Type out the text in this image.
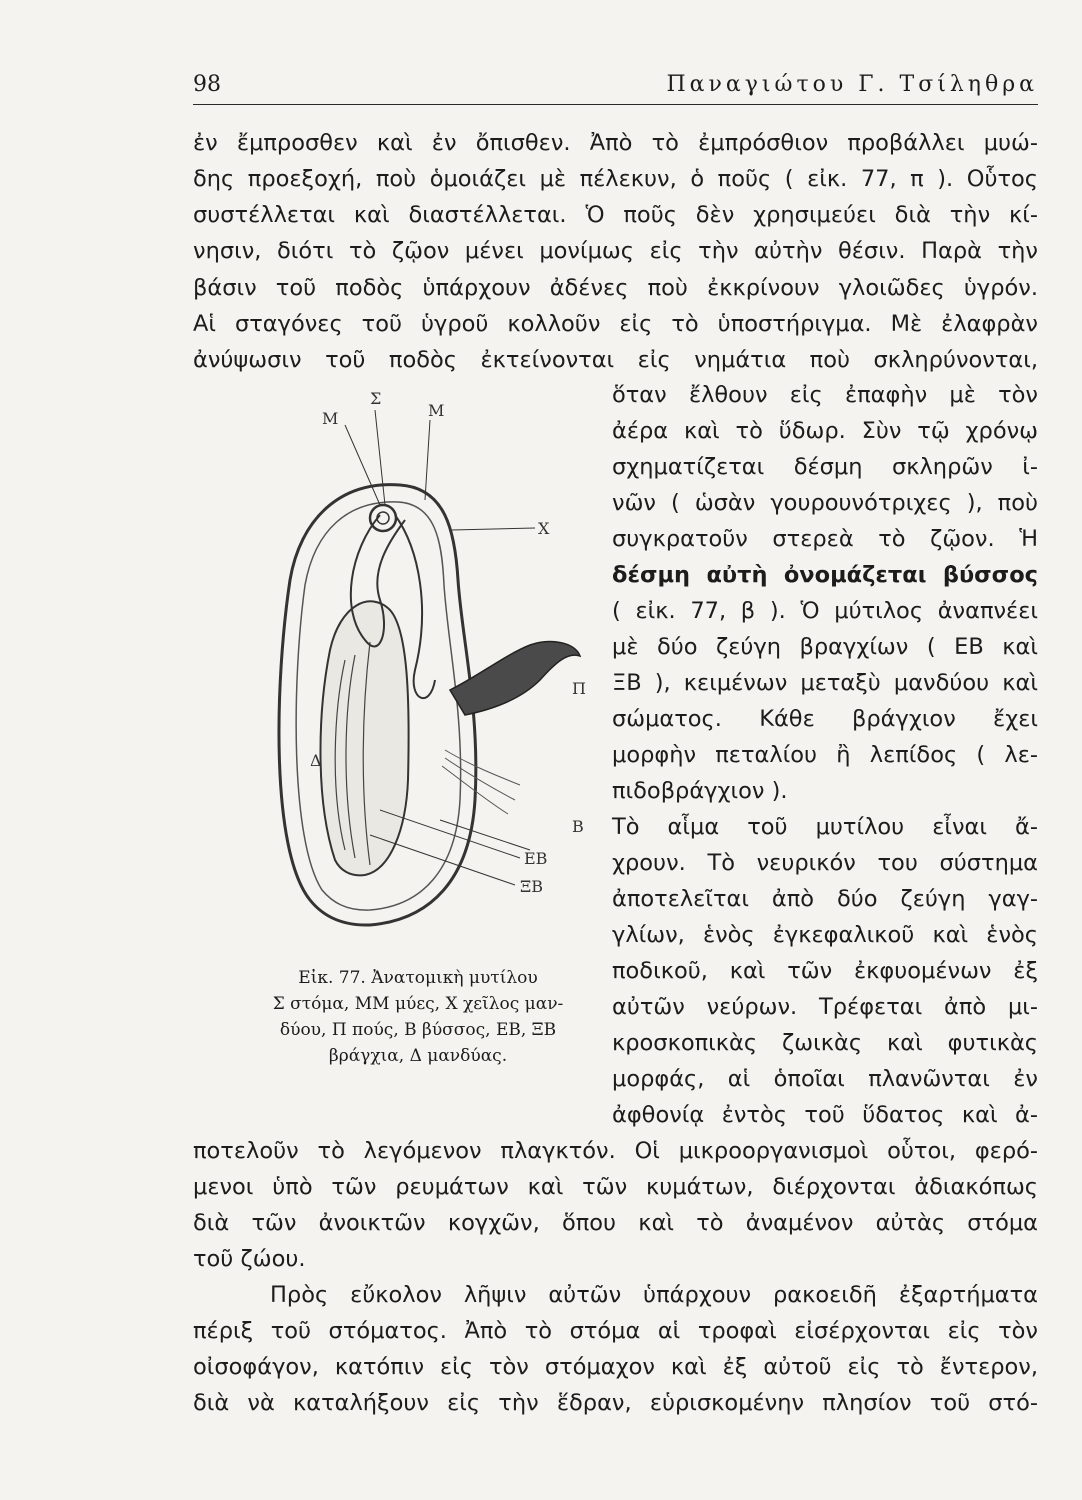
98	Παναγιώτου Γ. Τσίληθρα
ἐν ἔμπροσθεν καὶ ἐν ὄπισθεν. Ἀπὸ τὸ ἐμπρόσθιον προβάλλει μυώ-
δης προεξοχή, ποὺ ὁμοιάζει μὲ πέλεκυν, ὁ ποῦς ( εἰκ. 77, π ). Οὗτος
συστέλλεται καὶ διαστέλλεται. Ὁ ποῦς δὲν χρησιμεύει διὰ τὴν κί-
νησιν, διότι τὸ ζῷον μένει μονίμως εἰς τὴν αὐτὴν θέσιν. Παρὰ τὴν
βάσιν τοῦ ποδὸς ὑπάρχουν ἀδένες ποὺ ἐκκρίνουν γλοιῶδες ὑγρόν.
Αἱ σταγόνες τοῦ ὑγροῦ κολλοῦν εἰς τὸ ὑποστήριγμα. Μὲ ἐλαφρὰν
ἀνύψωσιν τοῦ ποδὸς ἐκτείνονται εἰς νημάτια ποὺ σκληρύνονται,
ὅταν ἔλθουν εἰς ἐπαφὴν μὲ τὸν
ἀέρα καὶ τὸ ὕδωρ. Σὺν τῷ χρόνῳ
σχηματίζεται δέσμη σκληρῶν ἰ-
νῶν ( ὡσὰν γουρουνότριχες ), ποὺ
συγκρατοῦν στερεὰ τὸ ζῷον. Ἡ
δέσμη αὐτὴ ὀνομάζεται βύσσος
( εἰκ. 77, β ). Ὁ μύτιλος ἀναπνέει
μὲ δύο ζεύγη βραγχίων ( ΕΒ καὶ
ΞΒ ), κειμένων μεταξὺ μανδύου καὶ
σώματος. Κάθε βράγχιον ἔχει
μορφὴν πεταλίου ἢ λεπίδος ( λε-
πιδοβράγχιον ).
Τὸ αἷμα τοῦ μυτίλου εἶναι ἄ-
χρουν. Τὸ νευρικόν του σύστημα
ἀποτελεῖται ἀπὸ δύο ζεύγη γαγ-
γλίων, ἑνὸς ἐγκεφαλικοῦ καὶ ἑνὸς
ποδικοῦ, καὶ τῶν ἐκφυομένων ἐξ
αὐτῶν νεύρων. Τρέφεται ἀπὸ μι-
κροσκοπικὰς ζωικὰς καὶ φυτικὰς
μορφάς, αἱ ὁποῖαι πλανῶνται ἐν
ἀφθονίᾳ ἐντὸς τοῦ ὕδατος καὶ ἀ-
ποτελοῦν τὸ λεγόμενον πλαγκτόν. Οἱ μικροοργανισμοὶ οὗτοι, φερό-
μενοι ὑπὸ τῶν ρευμάτων καὶ τῶν κυμάτων, διέρχονται ἀδιακόπως
διὰ τῶν ἀνοικτῶν κογχῶν, ὅπου καὶ τὸ ἀναμένον αὐτὰς στόμα
τοῦ ζώου.
Πρὸς εὔκολον λῆψιν αὐτῶν ὑπάρχουν ρακοειδῆ ἐξαρτήματα
πέριξ τοῦ στόματος. Ἀπὸ τὸ στόμα αἱ τροφαὶ εἰσέρχονται εἰς τὸν
οἰσοφάγον, κατόπιν εἰς τὸν στόμαχον καὶ ἐξ αὐτοῦ εἰς τὸ ἔντερον,
διὰ νὰ καταλήξουν εἰς τὴν ἕδραν, εὑρισκομένην πλησίον τοῦ στό-
Μ
Σ
Μ
Χ
Π
Δ
Β
ΕΒ
ΞΒ
Εἰκ. 77. Ἀνατομικὴ μυτίλου
Σ στόμα, ΜΜ μύες, Χ χεῖλος μαν-
δύου, Π πούς, Β βύσσος, ΕΒ, ΞΒ
βράγχια, Δ μανδύας.
